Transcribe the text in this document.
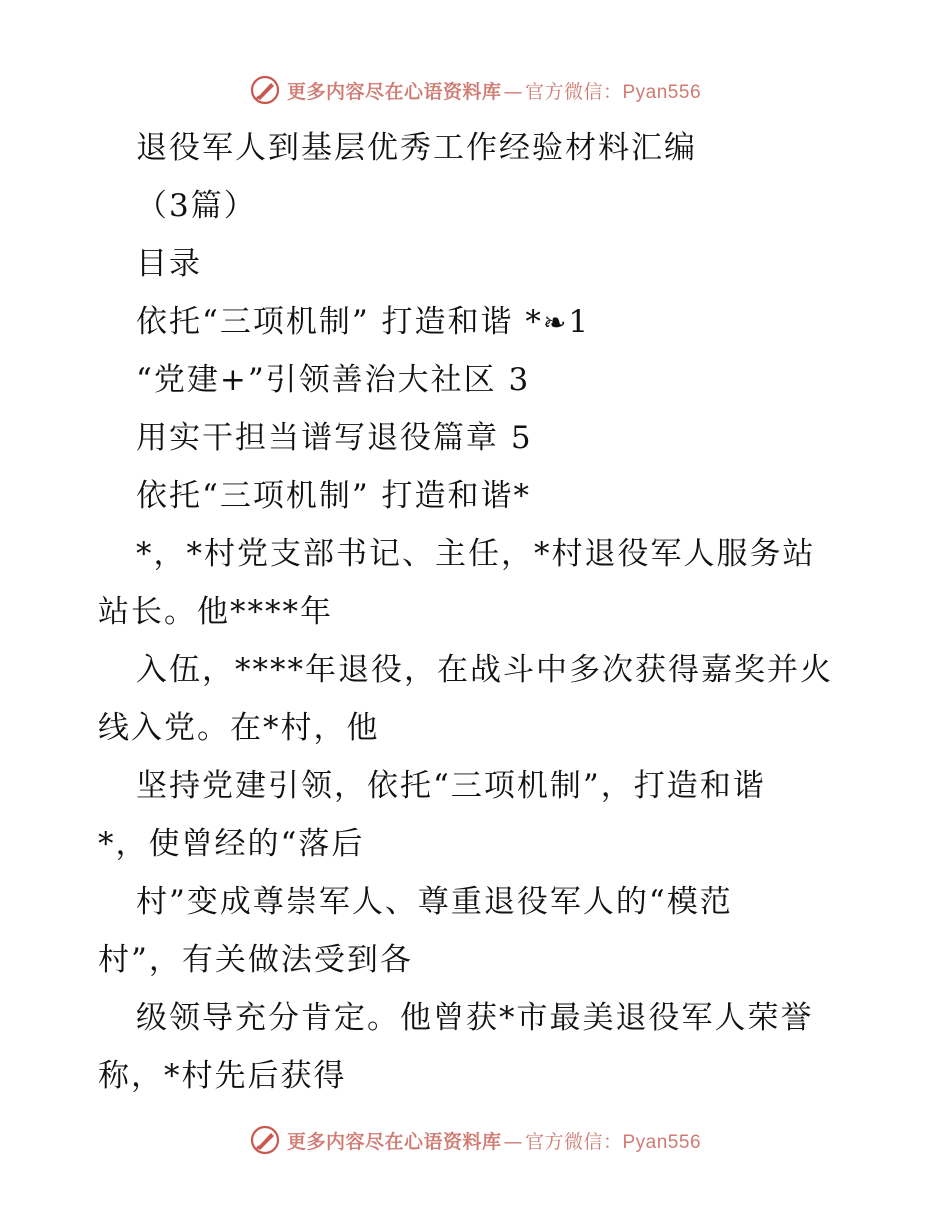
更多内容尽在心语资料库 — 官方微信：Pyan556
退役军人到基层优秀工作经验材料汇编
（3篇）
目录
依托“三项机制” 打造和谐 *❧1
“党建+”引领善治大社区 3
用实干担当谱写退役篇章 5
依托“三项机制” 打造和谐*
*，*村党支部书记、主任，*村退役军人服务站
站长。他****年
入伍，****年退役，在战斗中多次获得嘉奖并火
线入党。在*村，他
坚持党建引领，依托“三项机制”，打造和谐
*，使曾经的“落后
村”变成尊崇军人、尊重退役军人的“模范
村”，有关做法受到各
级领导充分肯定。他曾获*市最美退役军人荣誉
称，*村先后获得
更多内容尽在心语资料库 — 官方微信：Pyan556
